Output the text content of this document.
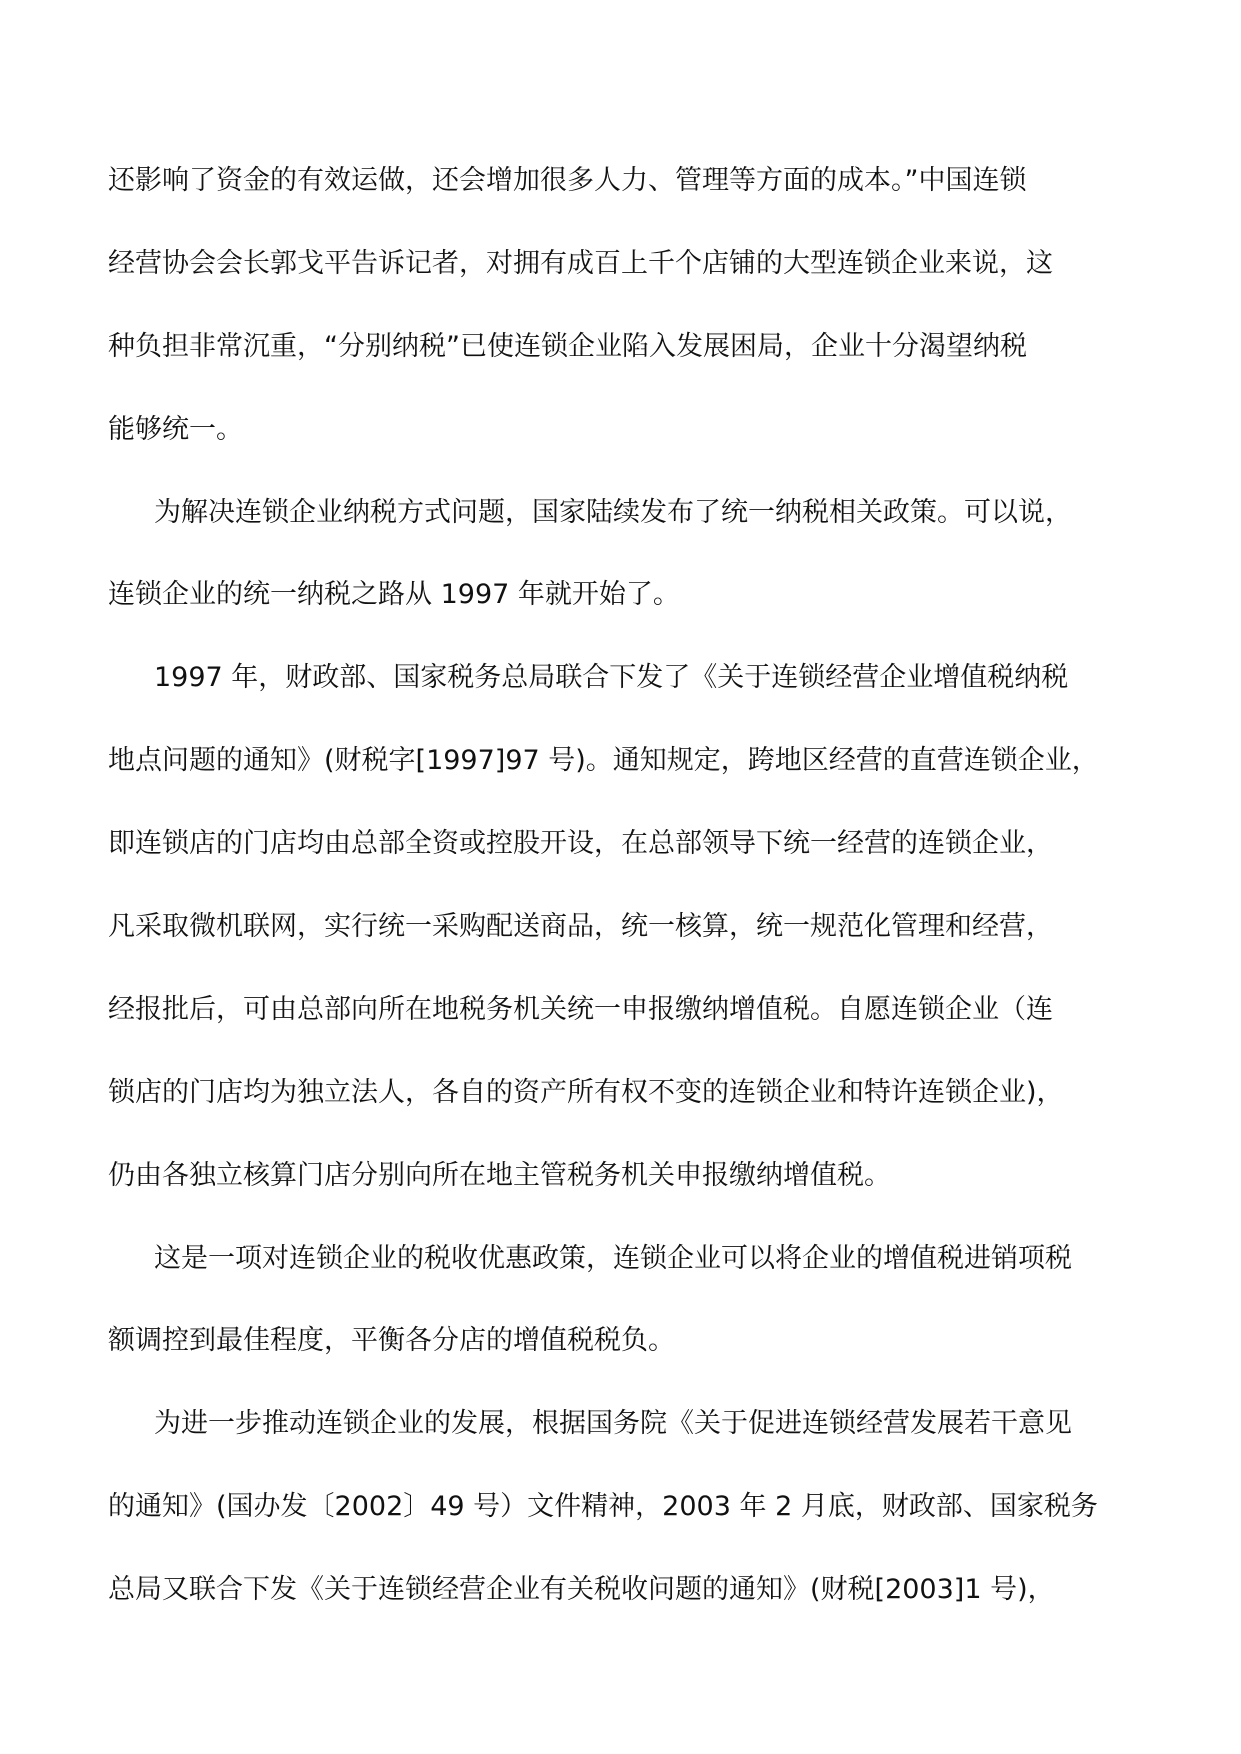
还影响了资金的有效运做，还会增加很多人力、管理等方面的成本。”中国连锁
经营协会会长郭戈平告诉记者，对拥有成百上千个店铺的大型连锁企业来说，这
种负担非常沉重，“分别纳税”已使连锁企业陷入发展困局，企业十分渴望纳税
能够统一。
为解决连锁企业纳税方式问题，国家陆续发布了统一纳税相关政策。可以说，
连锁企业的统一纳税之路从 1997 年就开始了。
1997 年，财政部、国家税务总局联合下发了《关于连锁经营企业增值税纳税
地点问题的通知》(财税字[1997]97 号)。通知规定，跨地区经营的直营连锁企业，
即连锁店的门店均由总部全资或控股开设，在总部领导下统一经营的连锁企业，
凡采取微机联网，实行统一采购配送商品，统一核算，统一规范化管理和经营，
经报批后，可由总部向所在地税务机关统一申报缴纳增值税。自愿连锁企业（连
锁店的门店均为独立法人，各自的资产所有权不变的连锁企业和特许连锁企业)，
仍由各独立核算门店分别向所在地主管税务机关申报缴纳增值税。
这是一项对连锁企业的税收优惠政策，连锁企业可以将企业的增值税进销项税
额调控到最佳程度，平衡各分店的增值税税负。
为进一步推动连锁企业的发展，根据国务院《关于促进连锁经营发展若干意见
的通知》(国办发〔2002〕49 号）文件精神，2003 年 2 月底，财政部、国家税务
总局又联合下发《关于连锁经营企业有关税收问题的通知》(财税[2003]1 号)，
